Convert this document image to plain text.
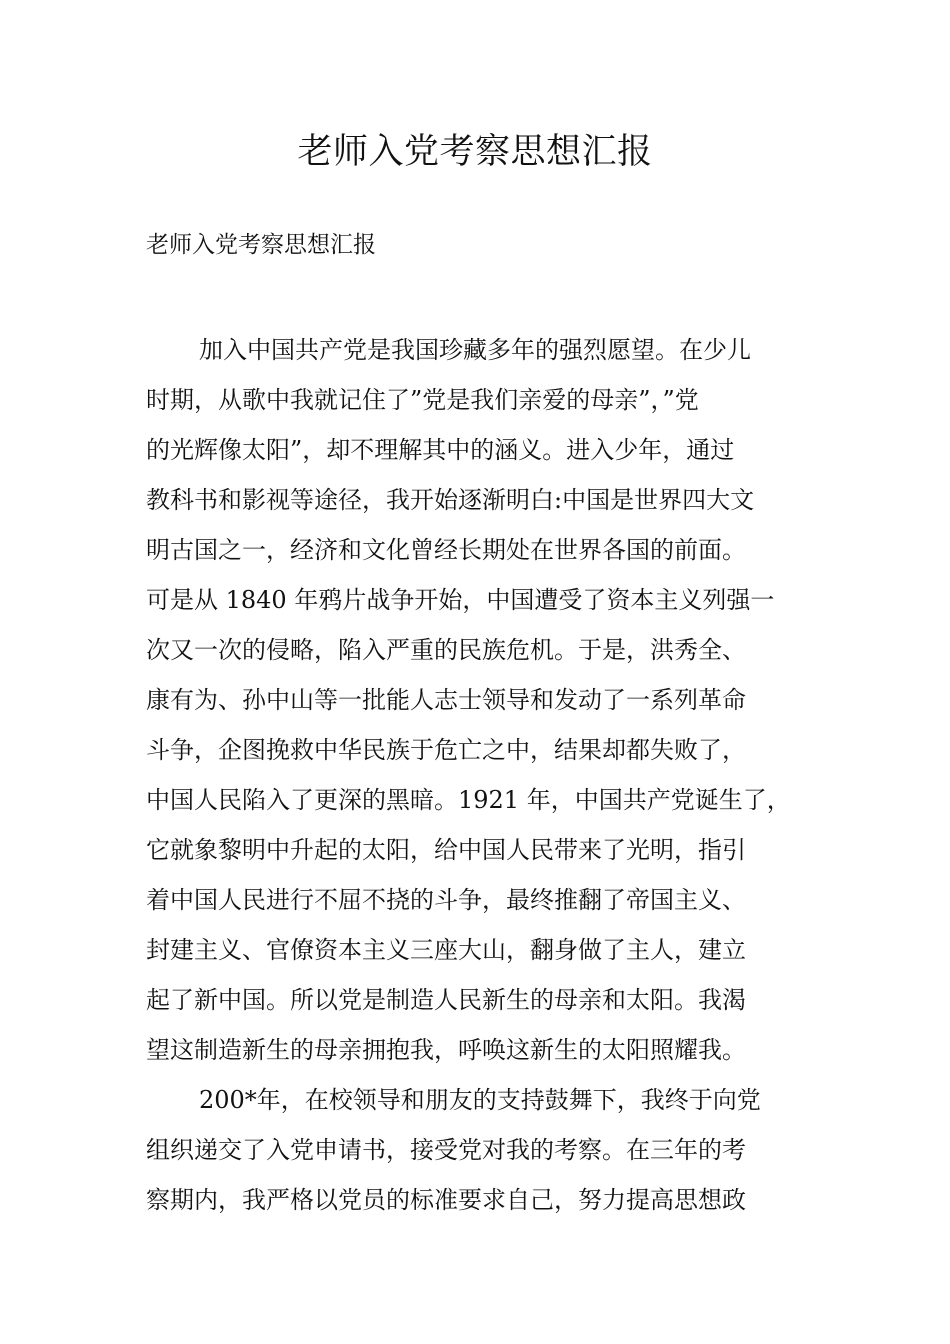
老师入党考察思想汇报

老师入党考察思想汇报

加入中国共产党是我国珍藏多年的强烈愿望。在少儿
时期，从歌中我就记住了”党是我们亲爱的母亲”，”党
的光辉像太阳”，却不理解其中的涵义。进入少年，通过
教科书和影视等途径，我开始逐渐明白:中国是世界四大文
明古国之一，经济和文化曾经长期处在世界各国的前面。
可是从 1840 年鸦片战争开始，中国遭受了资本主义列强一
次又一次的侵略，陷入严重的民族危机。于是，洪秀全、
康有为、孙中山等一批能人志士领导和发动了一系列革命
斗争，企图挽救中华民族于危亡之中，结果却都失败了，
中国人民陷入了更深的黑暗。1921 年，中国共产党诞生了，
它就象黎明中升起的太阳，给中国人民带来了光明，指引
着中国人民进行不屈不挠的斗争，最终推翻了帝国主义、
封建主义、官僚资本主义三座大山，翻身做了主人，建立
起了新中国。所以党是制造人民新生的母亲和太阳。我渴
望这制造新生的母亲拥抱我，呼唤这新生的太阳照耀我。
200*年，在校领导和朋友的支持鼓舞下，我终于向党
组织递交了入党申请书，接受党对我的考察。在三年的考
察期内，我严格以党员的标准要求自己，努力提高思想政
